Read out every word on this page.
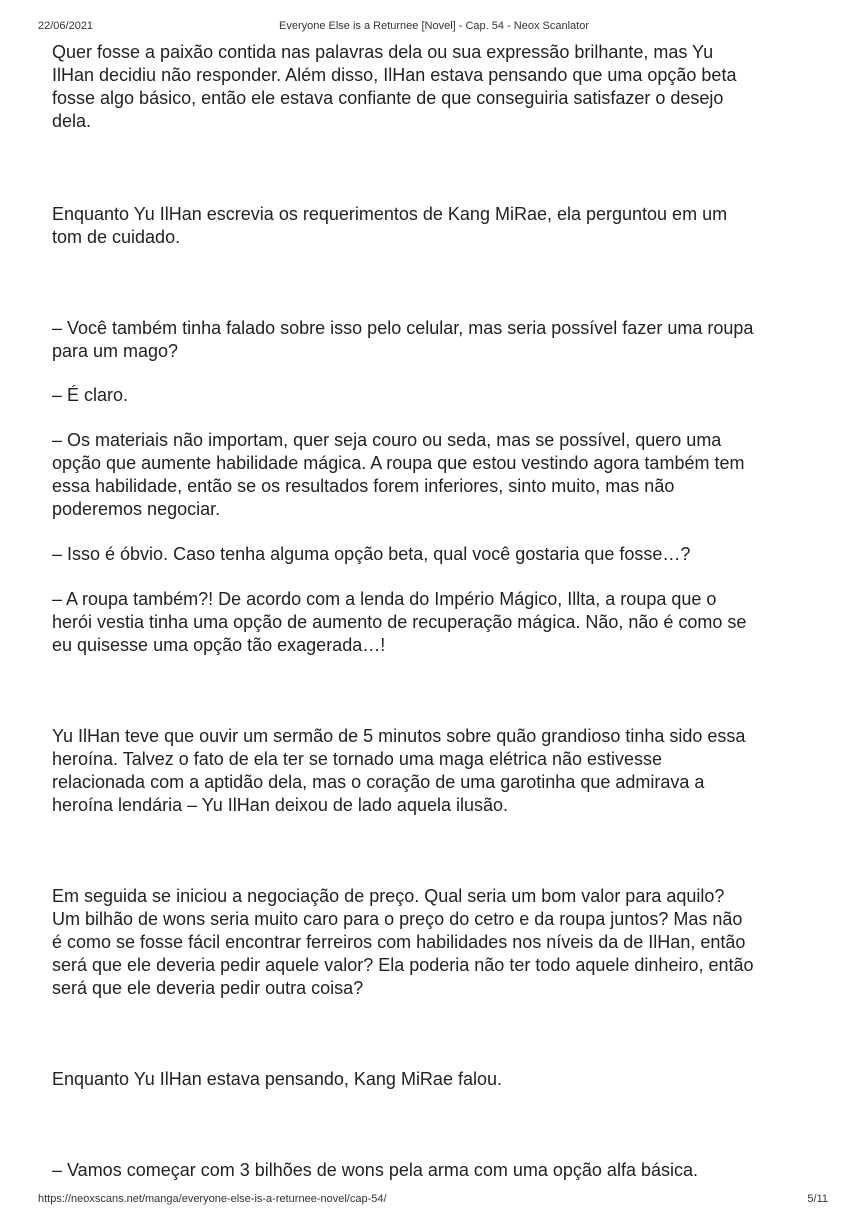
22/06/2021	Everyone Else is a Returnee [Novel] - Cap. 54 - Neox Scanlator

Quer fosse a paixão contida nas palavras dela ou sua expressão brilhante, mas Yu
IlHan decidiu não responder. Além disso, IlHan estava pensando que uma opção beta
fosse algo básico, então ele estava confiante de que conseguiria satisfazer o desejo
dela.

Enquanto Yu IlHan escrevia os requerimentos de Kang MiRae, ela perguntou em um
tom de cuidado.

– Você também tinha falado sobre isso pelo celular, mas seria possível fazer uma roupa
para um mago?

– É claro.

– Os materiais não importam, quer seja couro ou seda, mas se possível, quero uma
opção que aumente habilidade mágica. A roupa que estou vestindo agora também tem
essa habilidade, então se os resultados forem inferiores, sinto muito, mas não
poderemos negociar.

– Isso é óbvio. Caso tenha alguma opção beta, qual você gostaria que fosse…?

– A roupa também?! De acordo com a lenda do Império Mágico, Illta, a roupa que o
herói vestia tinha uma opção de aumento de recuperação mágica. Não, não é como se
eu quisesse uma opção tão exagerada…!

Yu IlHan teve que ouvir um sermão de 5 minutos sobre quão grandioso tinha sido essa
heroína. Talvez o fato de ela ter se tornado uma maga elétrica não estivesse
relacionada com a aptidão dela, mas o coração de uma garotinha que admirava a
heroína lendária – Yu IlHan deixou de lado aquela ilusão.

Em seguida se iniciou a negociação de preço. Qual seria um bom valor para aquilo?
Um bilhão de wons seria muito caro para o preço do cetro e da roupa juntos? Mas não
é como se fosse fácil encontrar ferreiros com habilidades nos níveis da de IlHan, então
será que ele deveria pedir aquele valor? Ela poderia não ter todo aquele dinheiro, então
será que ele deveria pedir outra coisa?

Enquanto Yu IlHan estava pensando, Kang MiRae falou.

– Vamos começar com 3 bilhões de wons pela arma com uma opção alfa básica.

https://neoxscans.net/manga/everyone-else-is-a-returnee-novel/cap-54/	5/11
